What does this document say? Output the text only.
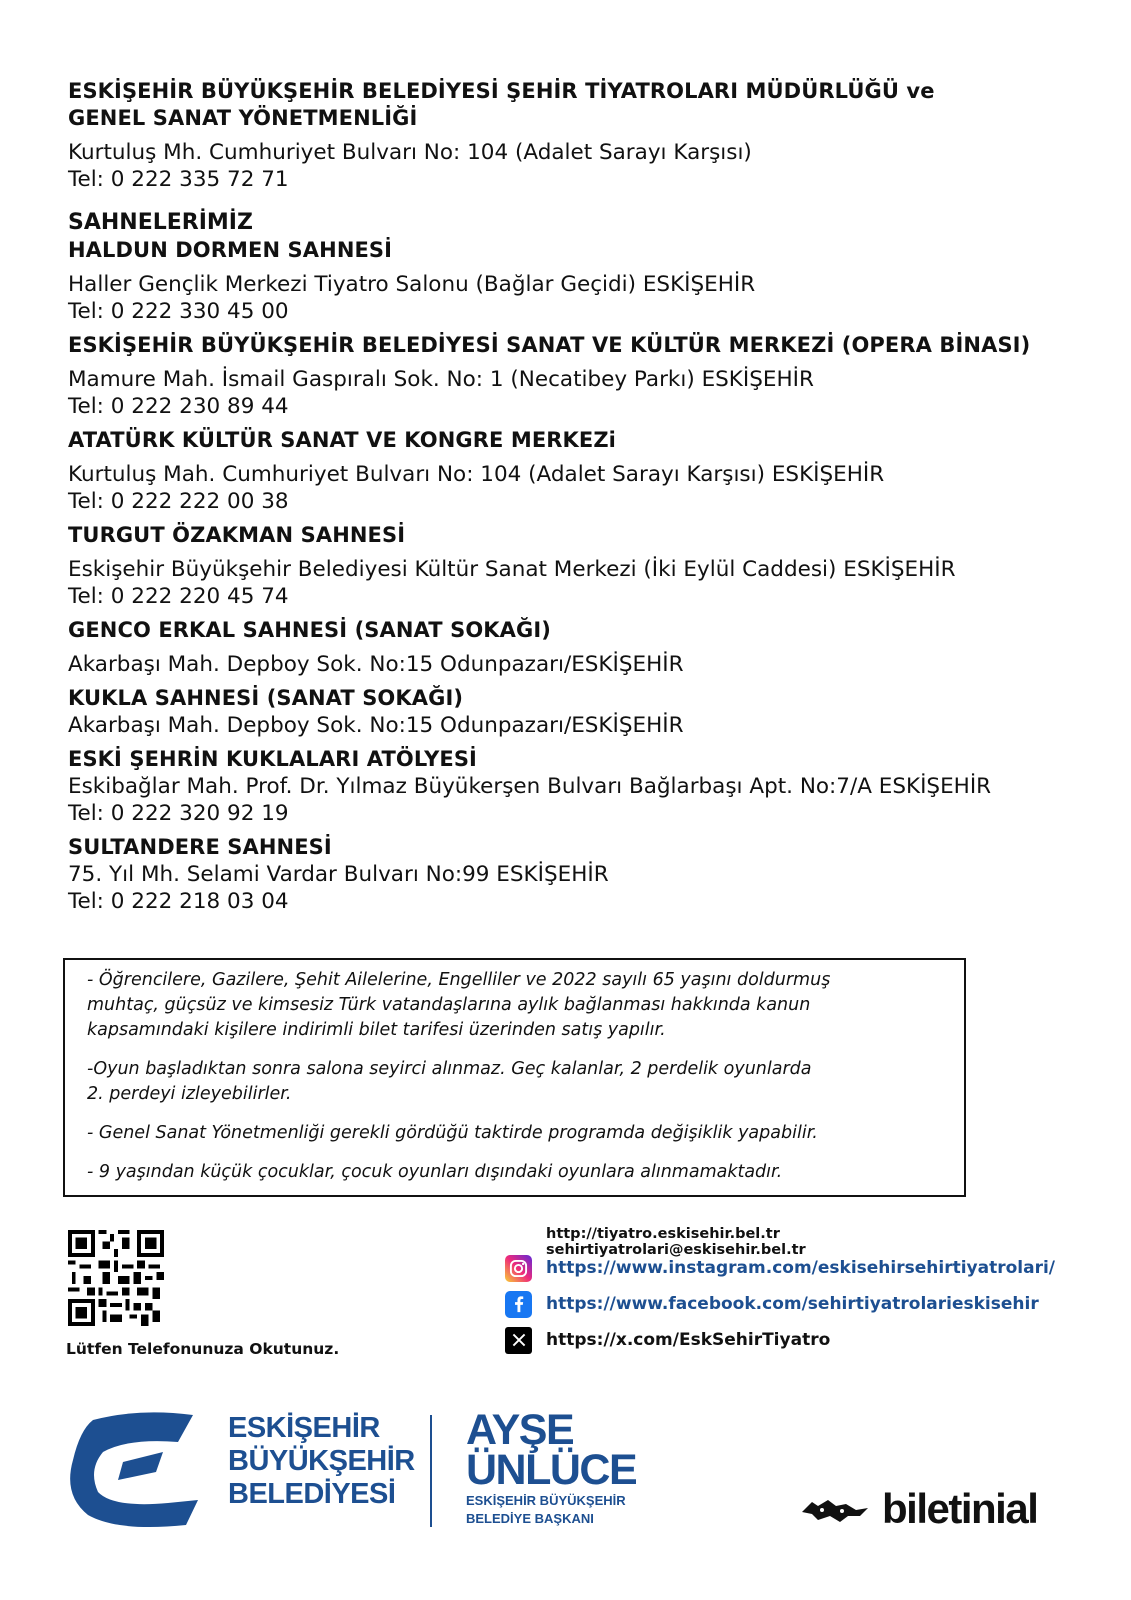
ESKİŞEHİR BÜYÜKŞEHİR BELEDİYESİ ŞEHİR TİYATROLARI MÜDÜRLÜĞÜ ve
GENEL SANAT YÖNETMENLİĞİ
Kurtuluş Mh. Cumhuriyet Bulvarı No: 104 (Adalet Sarayı Karşısı)
Tel: 0 222 335 72 71
SAHNELERİMİZ
HALDUN DORMEN SAHNESİ
Haller Gençlik Merkezi Tiyatro Salonu (Bağlar Geçidi) ESKİŞEHİR
Tel: 0 222 330 45 00
ESKİŞEHİR BÜYÜKŞEHİR BELEDİYESİ SANAT VE KÜLTÜR MERKEZİ (OPERA BİNASI)
Mamure Mah. İsmail Gaspıralı Sok. No: 1 (Necatibey Parkı) ESKİŞEHİR
Tel: 0 222 230 89 44
ATATÜRK KÜLTÜR SANAT VE KONGRE MERKEZi
Kurtuluş Mah. Cumhuriyet Bulvarı No: 104 (Adalet Sarayı Karşısı) ESKİŞEHİR
Tel: 0 222 222 00 38
TURGUT ÖZAKMAN SAHNESİ
Eskişehir Büyükşehir Belediyesi Kültür Sanat Merkezi (İki Eylül Caddesi) ESKİŞEHİR
Tel: 0 222 220 45 74
GENCO ERKAL SAHNESİ (SANAT SOKAĞI)
Akarbaşı Mah. Depboy Sok. No:15 Odunpazarı/ESKİŞEHİR
KUKLA SAHNESİ (SANAT SOKAĞI)
Akarbaşı Mah. Depboy Sok. No:15 Odunpazarı/ESKİŞEHİR
ESKİ ŞEHRİN KUKLALARI ATÖLYESİ
Eskibağlar Mah. Prof. Dr. Yılmaz Büyükerşen Bulvarı Bağlarbaşı Apt. No:7/A ESKİŞEHİR
Tel: 0 222 320 92 19
SULTANDERE SAHNESİ
75. Yıl Mh. Selami Vardar Bulvarı No:99 ESKİŞEHİR
Tel: 0 222 218 03 04

- Öğrencilere, Gazilere, Şehit Ailelerine, Engelliler ve 2022 sayılı 65 yaşını doldurmuş
muhtaç, güçsüz ve kimsesiz Türk vatandaşlarına aylık bağlanması hakkında kanun
kapsamındaki kişilere indirimli bilet tarifesi üzerinden satış yapılır.

-Oyun başladıktan sonra salona seyirci alınmaz. Geç kalanlar, 2 perdelik oyunlarda
2. perdeyi izleyebilirler.

- Genel Sanat Yönetmenliği gerekli gördüğü taktirde programda değişiklik yapabilir.

- 9 yaşından küçük çocuklar, çocuk oyunları dışındaki oyunlara alınmamaktadır.

Lütfen Telefonunuza Okutunuz.
http://tiyatro.eskisehir.bel.tr sehirtiyatrolari@eskisehir.bel.tr
https://www.instagram.com/eskisehirsehirtiyatrolari/
https://www.facebook.com/sehirtiyatrolarieskisehir
https://x.com/EskSehirTiyatro
ESKİŞEHİR
BÜYÜKŞEHİR
BELEDİYESİ
AYŞE
ÜNLÜCE
ESKİŞEHİR BÜYÜKŞEHİR
BELEDİYE BAŞKANI	biletinial
